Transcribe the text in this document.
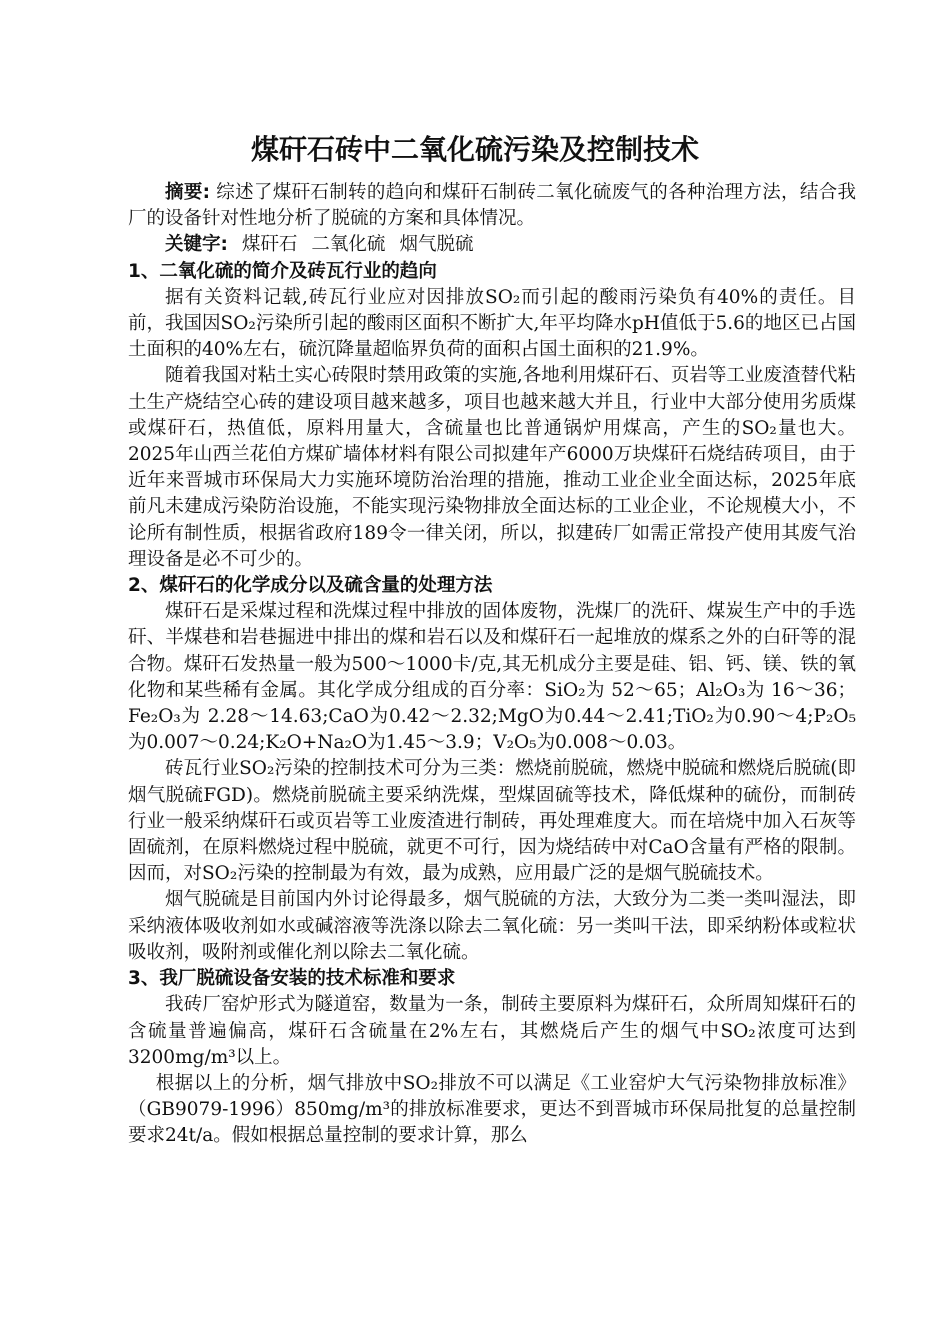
煤矸石砖中二氧化硫污染及控制技术

摘要: 综述了煤矸石制转的趋向和煤矸石制砖二氧化硫废气的各种治理方法，结合我厂的设备针对性地分析了脱硫的方案和具体情况。

关键字: 煤矸石 二氧化硫 烟气脱硫

1、二氧化硫的简介及砖瓦行业的趋向

据有关资料记载,砖瓦行业应对因排放SO₂而引起的酸雨污染负有40%的责任。目前，我国因SO₂污染所引起的酸雨区面积不断扩大,年平均降水pH值低于5.6的地区已占国土面积的40%左右，硫沉降量超临界负荷的面积占国土面积的21.9%。

随着我国对粘土实心砖限时禁用政策的实施,各地利用煤矸石、页岩等工业废渣替代粘土生产烧结空心砖的建设项目越来越多，项目也越来越大并且，行业中大部分使用劣质煤或煤矸石，热值低，原料用量大，含硫量也比普通锅炉用煤高，产生的SO₂量也大。2025年山西兰花伯方煤矿墙体材料有限公司拟建年产6000万块煤矸石烧结砖项目，由于近年来晋城市环保局大力实施环境防治治理的措施，推动工业企业全面达标，2025年底前凡未建成污染防治设施，不能实现污染物排放全面达标的工业企业，不论规模大小，不论所有制性质，根据省政府189令一律关闭，所以，拟建砖厂如需正常投产使用其废气治理设备是必不可少的。

2、煤矸石的化学成分以及硫含量的处理方法

煤矸石是采煤过程和洗煤过程中排放的固体废物，洗煤厂的洗矸、煤炭生产中的手选矸、半煤巷和岩巷掘进中排出的煤和岩石以及和煤矸石一起堆放的煤系之外的白矸等的混合物。煤矸石发热量一般为500～1000卡/克,其无机成分主要是硅、铝、钙、镁、铁的氧化物和某些稀有金属。其化学成分组成的百分率：SiO₂为 52～65；Al₂O₃为 16～36；Fe₂O₃为 2.28～14.63;CaO为0.42～2.32;MgO为0.44～2.41;TiO₂为0.90～4;P₂O₅为0.007～0.24;K₂O+Na₂O为1.45～3.9；V₂O₅为0.008～0.03。

砖瓦行业SO₂污染的控制技术可分为三类：燃烧前脱硫，燃烧中脱硫和燃烧后脱硫(即烟气脱硫FGD)。燃烧前脱硫主要采纳洗煤，型煤固硫等技术，降低煤种的硫份，而制砖行业一般采纳煤矸石或页岩等工业废渣进行制砖，再处理难度大。而在培烧中加入石灰等固硫剂，在原料燃烧过程中脱硫，就更不可行，因为烧结砖中对CaO含量有严格的限制。因而，对SO₂污染的控制最为有效，最为成熟，应用最广泛的是烟气脱硫技术。

烟气脱硫是目前国内外讨论得最多，烟气脱硫的方法，大致分为二类一类叫湿法，即采纳液体吸收剂如水或碱溶液等洗涤以除去二氧化硫：另一类叫干法，即采纳粉体或粒状吸收剂，吸附剂或催化剂以除去二氧化硫。

3、我厂脱硫设备安装的技术标准和要求

我砖厂窑炉形式为隧道窑，数量为一条，制砖主要原料为煤矸石，众所周知煤矸石的含硫量普遍偏高，煤矸石含硫量在2%左右，其燃烧后产生的烟气中SO₂浓度可达到3200mg/m³以上。

根据以上的分析，烟气排放中SO₂排放不可以满足《工业窑炉大气污染物排放标准》（GB9079-1996）850mg/m³的排放标准要求，更达不到晋城市环保局批复的总量控制要求24t/a。假如根据总量控制的要求计算，那么
